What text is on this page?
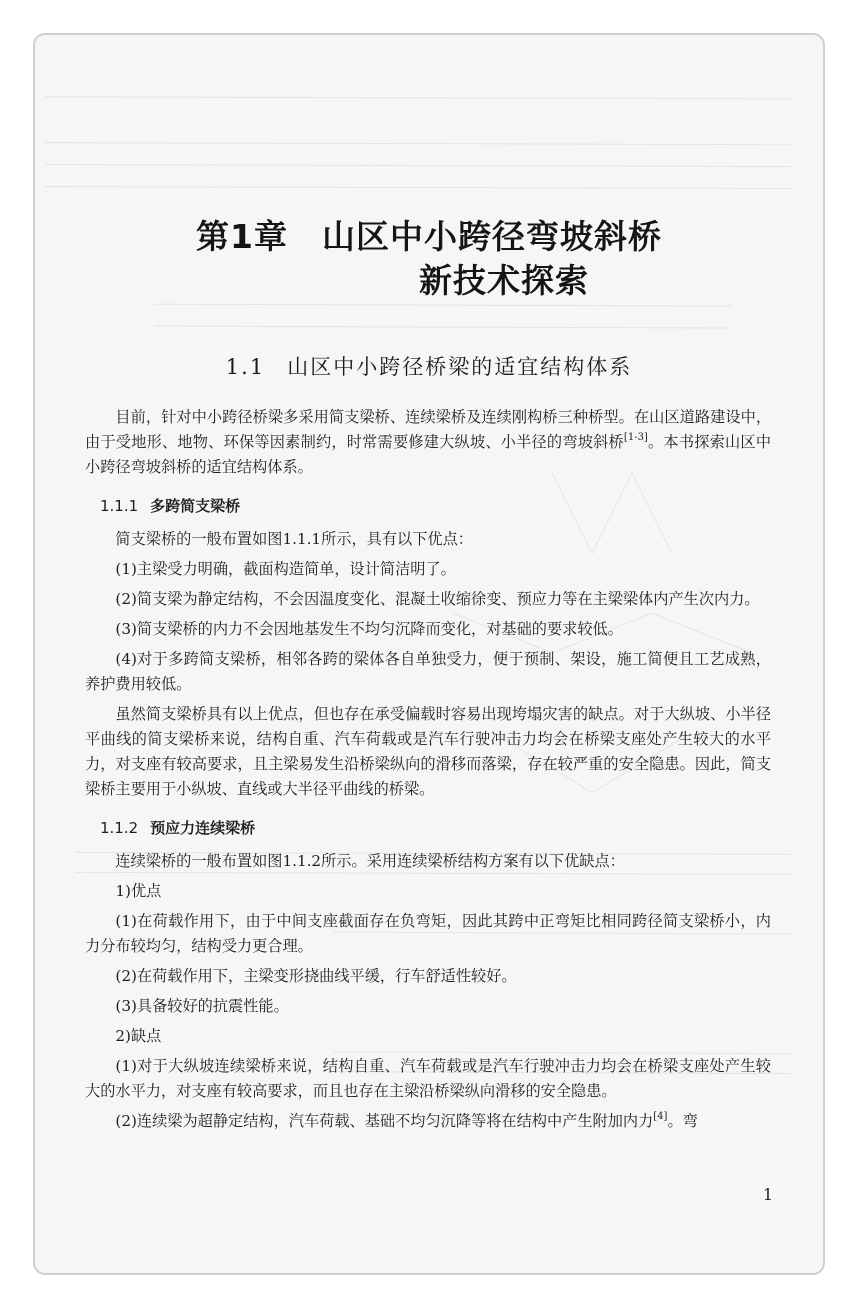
第1章　山区中小跨径弯坡斜桥
新技术探索
1.1 山区中小跨径桥梁的适宜结构体系

目前，针对中小跨径桥梁多采用简支梁桥、连续梁桥及连续刚构桥三种桥型。在山区道路建设中，由于受地形、地物、环保等因素制约，时常需要修建大纵坡、小半径的弯坡斜桥[1-3]。本书探索山区中小跨径弯坡斜桥的适宜结构体系。

1.1.1 多跨简支梁桥

简支梁桥的一般布置如图1.1.1所示，具有以下优点：

(1)主梁受力明确，截面构造简单，设计简洁明了。

(2)简支梁为静定结构，不会因温度变化、混凝土收缩徐变、预应力等在主梁梁体内产生次内力。

(3)简支梁桥的内力不会因地基发生不均匀沉降而变化，对基础的要求较低。

(4)对于多跨简支梁桥，相邻各跨的梁体各自单独受力，便于预制、架设，施工简便且工艺成熟，养护费用较低。

虽然简支梁桥具有以上优点，但也存在承受偏载时容易出现垮塌灾害的缺点。对于大纵坡、小半径平曲线的简支梁桥来说，结构自重、汽车荷载或是汽车行驶冲击力均会在桥梁支座处产生较大的水平力，对支座有较高要求，且主梁易发生沿桥梁纵向的滑移而落梁，存在较严重的安全隐患。因此，简支梁桥主要用于小纵坡、直线或大半径平曲线的桥梁。

1.1.2 预应力连续梁桥

连续梁桥的一般布置如图1.1.2所示。采用连续梁桥结构方案有以下优缺点：

1)优点

(1)在荷载作用下，由于中间支座截面存在负弯矩，因此其跨中正弯矩比相同跨径简支梁桥小，内力分布较均匀，结构受力更合理。

(2)在荷载作用下，主梁变形挠曲线平缓，行车舒适性较好。

(3)具备较好的抗震性能。

2)缺点

(1)对于大纵坡连续梁桥来说，结构自重、汽车荷载或是汽车行驶冲击力均会在桥梁支座处产生较大的水平力，对支座有较高要求，而且也存在主梁沿桥梁纵向滑移的安全隐患。

(2)连续梁为超静定结构，汽车荷载、基础不均匀沉降等将在结构中产生附加内力[4]。弯

1
